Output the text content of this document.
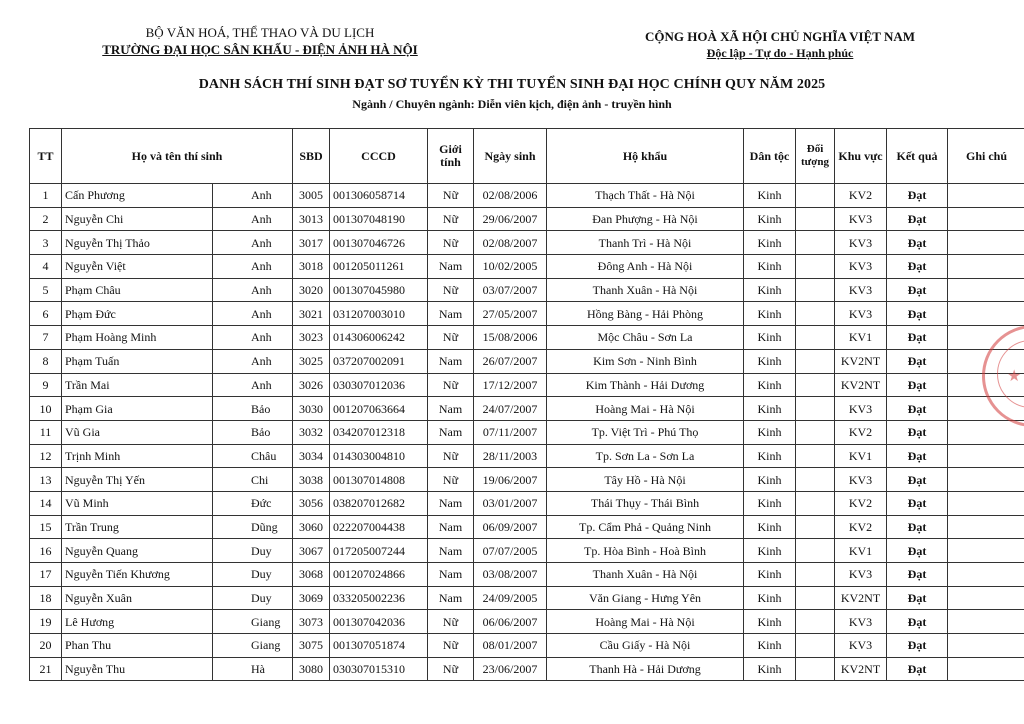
BỘ VĂN HOÁ, THỂ THAO VÀ DU LỊCH
TRƯỜNG ĐẠI HỌC SÂN KHẤU - ĐIỆN ẢNH HÀ NỘI
CỘNG HOÀ XÃ HỘI CHỦ NGHĨA VIỆT NAM
Độc lập - Tự do - Hạnh phúc
DANH SÁCH THÍ SINH ĐẠT SƠ TUYỂN KỲ THI TUYỂN SINH ĐẠI HỌC CHÍNH QUY NĂM 2025
Ngành / Chuyên ngành: Diễn viên kịch, điện ảnh - truyền hình
TT	Họ và tên thí sinh		SBD	CCCD	Giới tính	Ngày sinh	Hộ khẩu	Dân tộc	Đối tượng	Khu vực	Kết quả	Ghi chú
1	Cấn Phương	Anh	3005	001306058714	Nữ	02/08/2006	Thạch Thất - Hà Nội	Kinh		KV2	Đạt	
2	Nguyễn Chi	Anh	3013	001307048190	Nữ	29/06/2007	Đan Phượng - Hà Nội	Kinh		KV3	Đạt	
3	Nguyễn Thị Thảo	Anh	3017	001307046726	Nữ	02/08/2007	Thanh Trì - Hà Nội	Kinh		KV3	Đạt	
4	Nguyễn Việt	Anh	3018	001205011261	Nam	10/02/2005	Đông Anh - Hà Nội	Kinh		KV3	Đạt	
5	Phạm Châu	Anh	3020	001307045980	Nữ	03/07/2007	Thanh Xuân - Hà Nội	Kinh		KV3	Đạt	
6	Phạm Đức	Anh	3021	031207003010	Nam	27/05/2007	Hồng Bàng - Hải Phòng	Kinh		KV3	Đạt	
7	Phạm Hoàng Minh	Anh	3023	014306006242	Nữ	15/08/2006	Mộc Châu - Sơn La	Kinh		KV1	Đạt	
8	Phạm Tuấn	Anh	3025	037207002091	Nam	26/07/2007	Kim Sơn - Ninh Bình	Kinh		KV2NT	Đạt	
9	Trần Mai	Anh	3026	030307012036	Nữ	17/12/2007	Kim Thành - Hải Dương	Kinh		KV2NT	Đạt	
10	Phạm Gia	Bảo	3030	001207063664	Nam	24/07/2007	Hoàng Mai - Hà Nội	Kinh		KV3	Đạt	
11	Vũ Gia	Bảo	3032	034207012318	Nam	07/11/2007	Tp. Việt Trì - Phú Thọ	Kinh		KV2	Đạt	
12	Trịnh Minh	Châu	3034	014303004810	Nữ	28/11/2003	Tp. Sơn La - Sơn La	Kinh		KV1	Đạt	
13	Nguyễn Thị Yến	Chi	3038	001307014808	Nữ	19/06/2007	Tây Hồ - Hà Nội	Kinh		KV3	Đạt	
14	Vũ Minh	Đức	3056	038207012682	Nam	03/01/2007	Thái Thụy - Thái Bình	Kinh		KV2	Đạt	
15	Trần Trung	Dũng	3060	022207004438	Nam	06/09/2007	Tp. Cẩm Phả - Quảng Ninh	Kinh		KV2	Đạt	
16	Nguyễn Quang	Duy	3067	017205007244	Nam	07/07/2005	Tp. Hòa Bình - Hoà Bình	Kinh		KV1	Đạt	
17	Nguyễn Tiến Khương	Duy	3068	001207024866	Nam	03/08/2007	Thanh Xuân - Hà Nội	Kinh		KV3	Đạt	
18	Nguyễn Xuân	Duy	3069	033205002236	Nam	24/09/2005	Văn Giang - Hưng Yên	Kinh		KV2NT	Đạt	
19	Lê Hương	Giang	3073	001307042036	Nữ	06/06/2007	Hoàng Mai - Hà Nội	Kinh		KV3	Đạt	
20	Phan Thu	Giang	3075	001307051874	Nữ	08/01/2007	Cầu Giấy - Hà Nội	Kinh		KV3	Đạt	
21	Nguyễn Thu	Hà	3080	030307015310	Nữ	23/06/2007	Thanh Hà - Hải Dương	Kinh		KV2NT	Đạt	
★
